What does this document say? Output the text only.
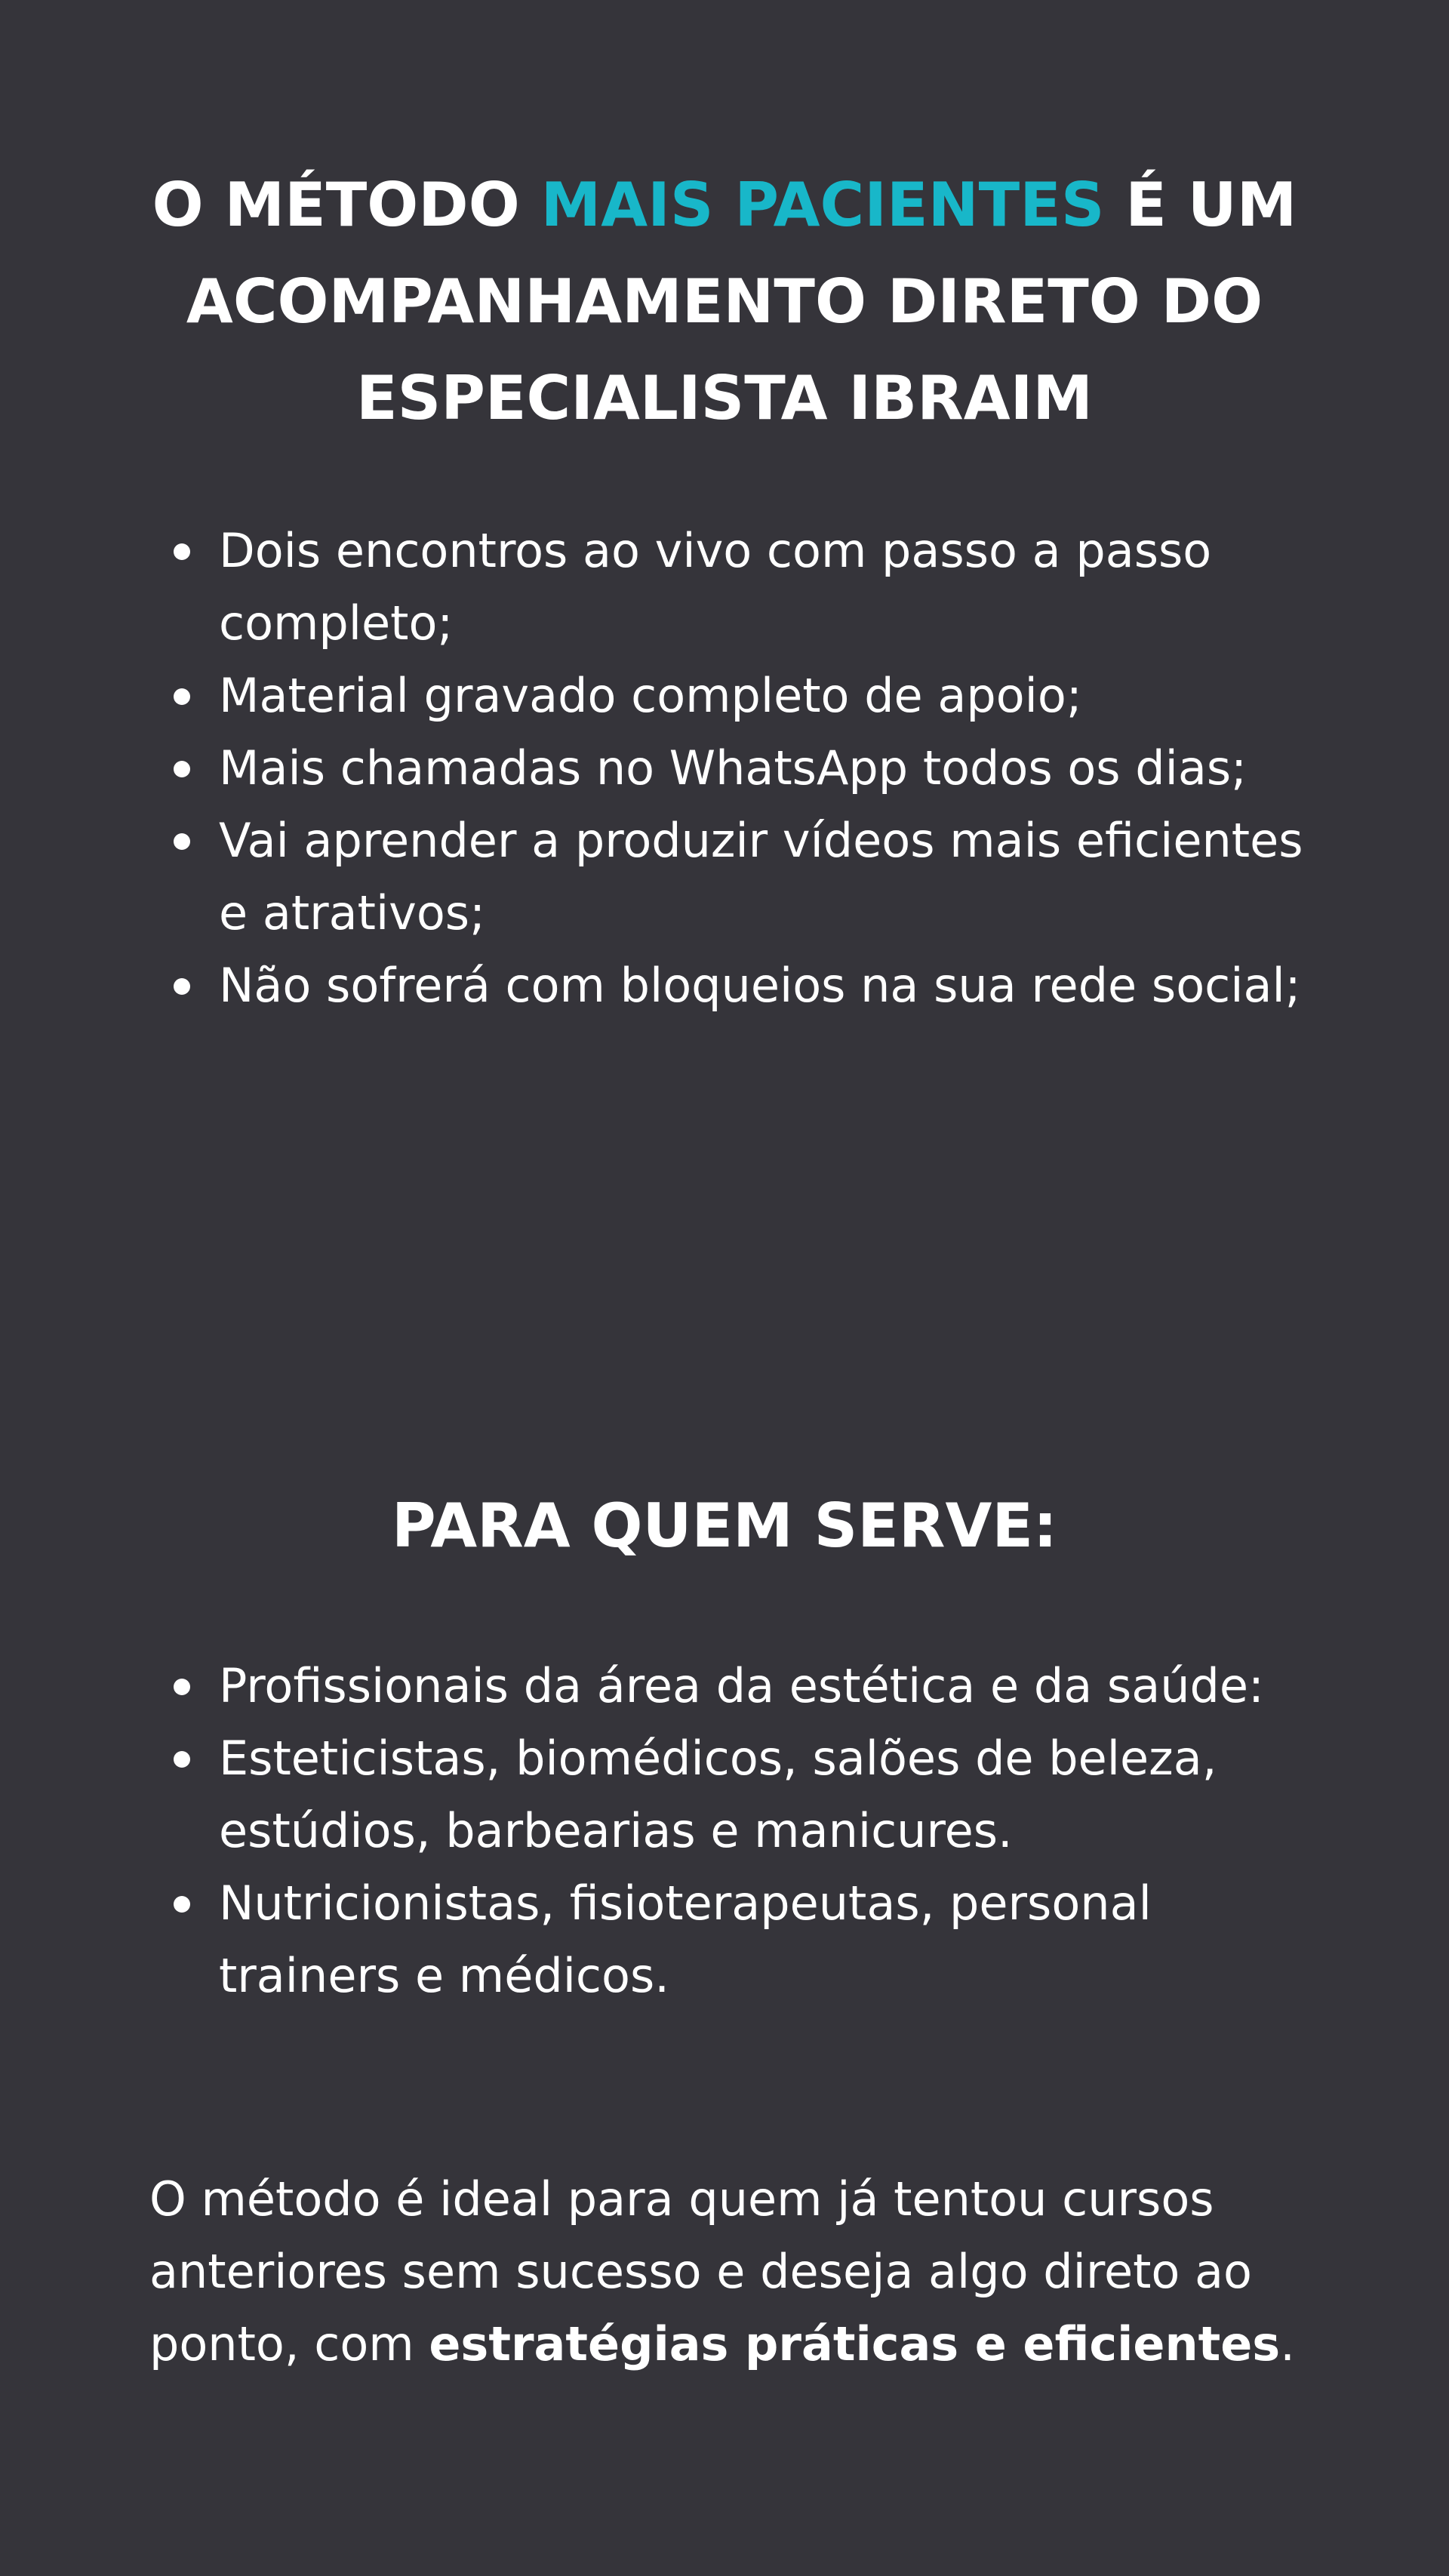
O MÉTODO MAIS PACIENTES É UM ACOMPANHAMENTO DIRETO DO ESPECIALISTA IBRAIM
Dois encontros ao vivo com passo a passo completo;
Material gravado completo de apoio;
Mais chamadas no WhatsApp todos os dias;
Vai aprender a produzir vídeos mais eficientes e atrativos;
Não sofrerá com bloqueios na sua rede social;
PARA QUEM SERVE:
Profissionais da área da estética e da saúde:
Esteticistas, biomédicos, salões de beleza, estúdios, barbearias e manicures.
Nutricionistas, fisioterapeutas, personal trainers e médicos.

O método é ideal para quem já tentou cursos anteriores sem sucesso e deseja algo direto ao ponto, com estratégias práticas e eficientes.
